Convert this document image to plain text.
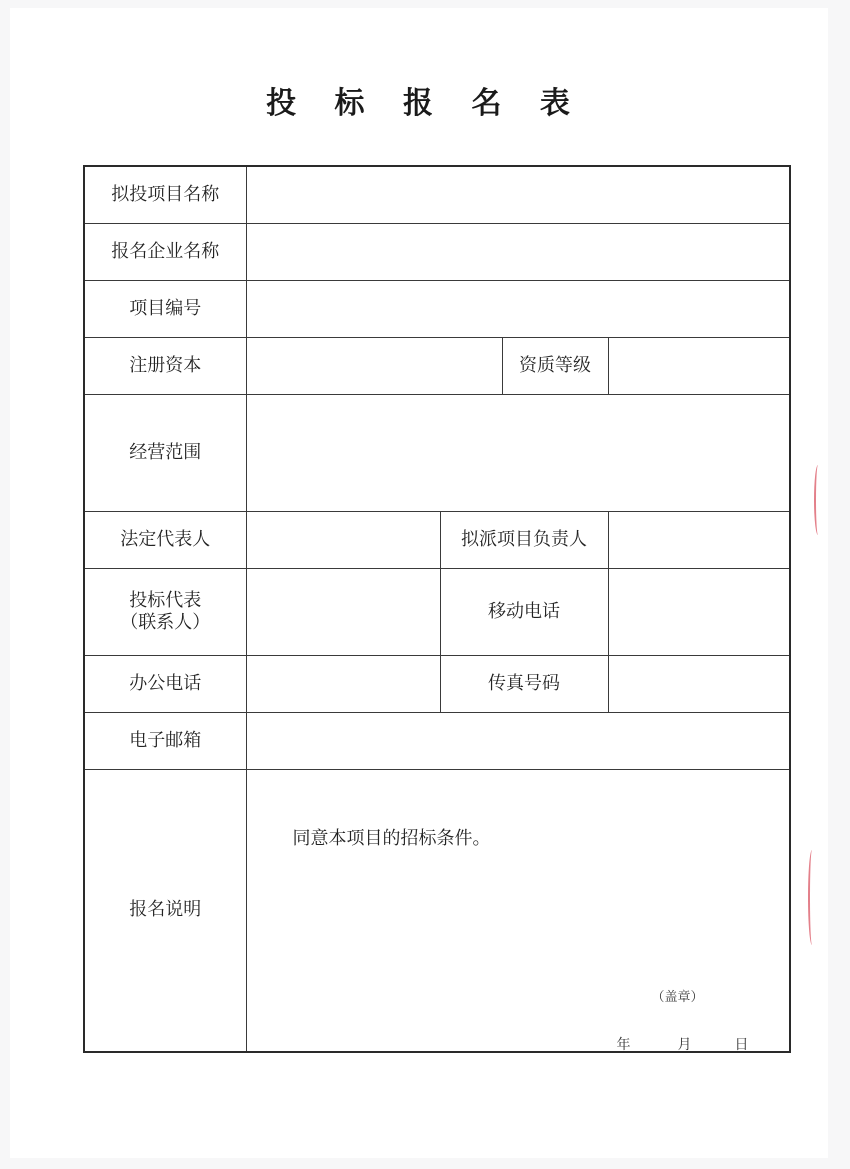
投 标 报 名 表
拟投项目名称				
报名企业名称				
项目编号				
注册资本			资质等级	
经营范围				
法定代表人		拟派项目负责人		

投标代表
（联系人）		移动电话		
办公电话		传真号码		
电子邮箱				
报名说明	同意本项目的招标条件。
（盖章）
年 月 日			
